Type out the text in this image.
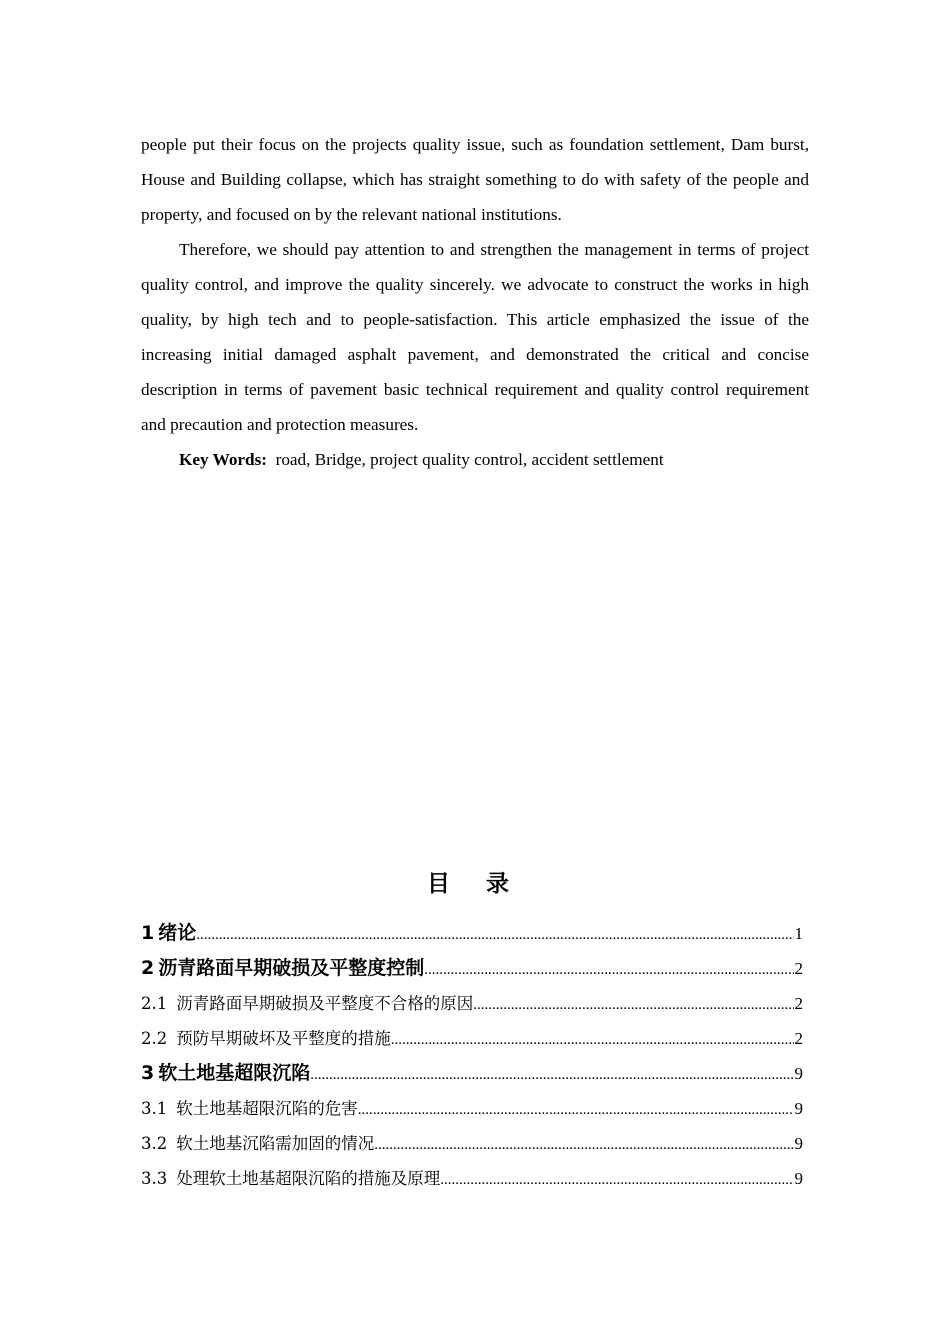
people put their focus on the projects quality issue, such as foundation settlement, Dam burst, House and Building collapse, which has straight something to do with safety of the people and property, and focused on by the relevant national institutions.

Therefore, we should pay attention to and strengthen the management in terms of project quality control, and improve the quality sincerely. we advocate to construct the works in high quality, by high tech and to people-satisfaction. This article emphasized the issue of the increasing initial damaged asphalt pavement, and demonstrated the critical and concise description in terms of pavement basic technical requirement and quality control requirement and precaution and protection measures.

Key Words: road, Bridge, project quality control, accident settlement

目 录
1 绪论 .....	1
2 沥青路面早期破损及平整度控制 .....	2
2.1 沥青路面早期破损及平整度不合格的原因 .....	2
2.2 预防早期破坏及平整度的措施 .....	2
3 软土地基超限沉陷 .....	9
3.1 软土地基超限沉陷的危害 .....	9
3.2 软土地基沉陷需加固的情况 .....	9
3.3 处理软土地基超限沉陷的措施及原理 .....	9
